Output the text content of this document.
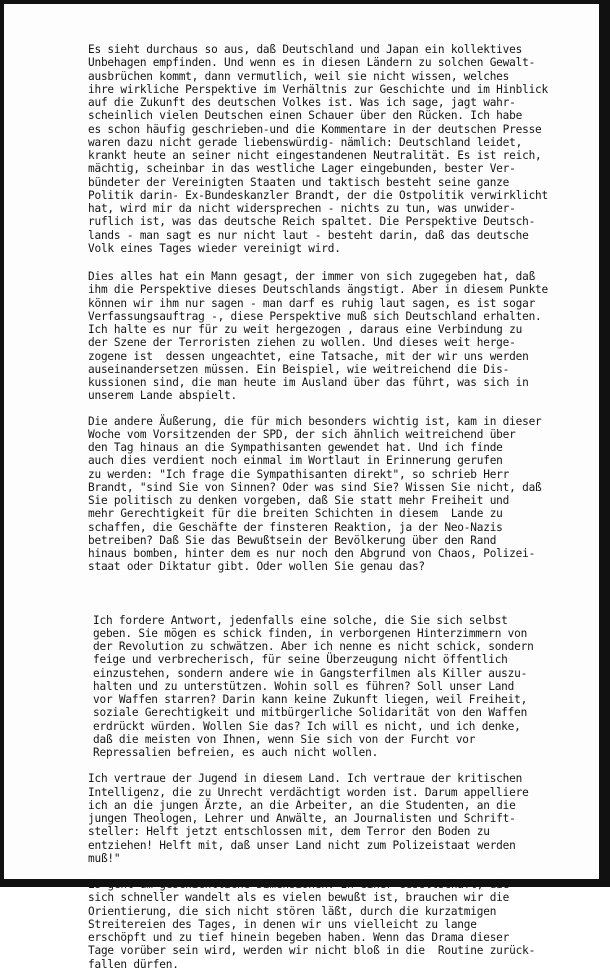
Es sieht durchaus so aus, daß Deutschland und Japan ein kollektives
Unbehagen empfinden. Und wenn es in diesen Ländern zu solchen Gewalt-
ausbrüchen kommt, dann vermutlich, weil sie nicht wissen, welches
ihre wirkliche Perspektive im Verhältnis zur Geschichte und im Hinblick
auf die Zukunft des deutschen Volkes ist. Was ich sage, jagt wahr-
scheinlich vielen Deutschen einen Schauer über den Rücken. Ich habe
es schon häufig geschrieben-und die Kommentare in der deutschen Presse
waren dazu nicht gerade liebenswürdig- nämlich: Deutschland leidet,
krankt heute an seiner nicht eingestandenen Neutralität. Es ist reich,
mächtig, scheinbar in das westliche Lager eingebunden, bester Ver-
bündeter der Vereinigten Staaten und taktisch besteht seine ganze
Politik darin- Ex-Bundeskanzler Brandt, der die Ostpolitik verwirklicht
hat, wird mir da nicht widersprechen - nichts zu tun, was unwider-
ruflich ist, was das deutsche Reich spaltet. Die Perspektive Deutsch-
lands - man sagt es nur nicht laut - besteht darin, daß das deutsche
Volk eines Tages wieder vereinigt wird.

Dies alles hat ein Mann gesagt, der immer von sich zugegeben hat, daß
ihm die Perspektive dieses Deutschlands ängstigt. Aber in diesem Punkte
können wir ihm nur sagen - man darf es ruhig laut sagen, es ist sogar
Verfassungsauftrag -, diese Perspektive muß sich Deutschland erhalten.
Ich halte es nur für zu weit hergezogen , daraus eine Verbindung zu
der Szene der Terroristen ziehen zu wollen. Und dieses weit herge-
zogene ist  dessen ungeachtet, eine Tatsache, mit der wir uns werden
auseinandersetzen müssen. Ein Beispiel, wie weitreichend die Dis-
kussionen sind, die man heute im Ausland über das führt, was sich in
unserem Lande abspielt.

Die andere Äußerung, die für mich besonders wichtig ist, kam in dieser
Woche vom Vorsitzenden der SPD, der sich ähnlich weitreichend über
den Tag hinaus an die Sympathisanten gewendet hat. Und ich finde
auch dies verdient noch einmal im Wortlaut in Erinnerung gerufen
zu werden: "Ich frage die Sympathisanten direkt", so schrieb Herr
Brandt, "sind Sie von Sinnen? Oder was sind Sie? Wissen Sie nicht, daß
Sie politisch zu denken vorgeben, daß Sie statt mehr Freiheit und
mehr Gerechtigkeit für die breiten Schichten in diesem  Lande zu
schaffen, die Geschäfte der finsteren Reaktion, ja der Neo-Nazis
betreiben? Daß Sie das Bewußtsein der Bevölkerung über den Rand
hinaus bomben, hinter dem es nur noch den Abgrund von Chaos, Polizei-
staat oder Diktatur gibt. Oder wollen Sie genau das?

Ich fordere Antwort, jedenfalls eine solche, die Sie sich selbst
geben. Sie mögen es schick finden, in verborgenen Hinterzimmern von
der Revolution zu schwätzen. Aber ich nenne es nicht schick, sondern
feige und verbrecherisch, für seine Überzeugung nicht öffentlich
einzustehen, sondern andere wie in Gangsterfilmen als Killer auszu-
halten und zu unterstützen. Wohin soll es führen? Soll unser Land
vor Waffen starren? Darin kann keine Zukunft liegen, weil Freiheit,
soziale Gerechtigkeit und mitbürgerliche Solidarität von den Waffen
erdrückt würden. Wollen Sie das? Ich will es nicht, und ich denke,
daß die meisten von Ihnen, wenn Sie sich von der Furcht vor
Repressalien befreien, es auch nicht wollen.

Ich vertraue der Jugend in diesem Land. Ich vertraue der kritischen
Intelligenz, die zu Unrecht verdächtigt worden ist. Darum appelliere
ich an die jungen Ärzte, an die Arbeiter, an die Studenten, an die
jungen Theologen, Lehrer und Anwälte, an Journalisten und Schrift-
steller: Helft jetzt entschlossen mit, dem Terror den Boden zu
entziehen! Helft mit, daß unser Land nicht zum Polizeistaat werden
muß!"

Es geht um geschichtliche Dimensionen. In einer Gesellschaft, die
sich schneller wandelt als es vielen bewußt ist, brauchen wir die
Orientierung, die sich nicht stören läßt, durch die kurzatmigen
Streitereien des Tages, in denen wir uns vielleicht zu lange
erschöpft und zu tief hinein begeben haben. Wenn das Drama dieser
Tage vorüber sein wird, werden wir nicht bloß in die  Routine zurück-
fallen dürfen.
